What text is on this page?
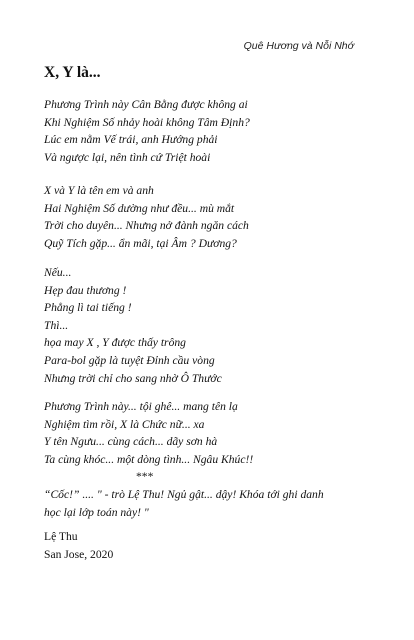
Quê Hương và Nỗi Nhớ
X, Y là...
Phương Trình này Cân Bằng được không ai
Khi Nghiệm Số nhảy hoài không Tâm Định?
Lúc em nằm Vế trái, anh Hướng phải
Và ngược lại, nên tình cứ Triệt hoài
X và Y là tên em và anh
Hai Nghiệm Số dường như đều... mù mắt
Trời cho duyên... Nhưng nở đành ngăn cách
Quỹ Tích gặp... ẩn mãi, tại Âm ? Dương?
Nếu...
Hẹp đau thương !
Phẳng lì tai tiếng !
Thì...
họa may X , Y được thấy trông
Para-bol gặp là tuyệt Đỉnh cầu vòng
Nhưng trời chỉ cho sang nhờ Ô Thước
Phương Trình này... tội ghê... mang tên lạ
Nghiệm tìm rồi, X là Chức nữ... xa
Y tên Ngưu... cùng cách... dãy sơn hà
Ta cùng khóc... một dòng tình... Ngâu Khúc!!
***
“Cốc!” .... " - trò Lệ Thu! Ngủ gật... dậy! Khóa tới ghi danh
học lại lớp toán này! "
Lệ Thu
San Jose, 2020
